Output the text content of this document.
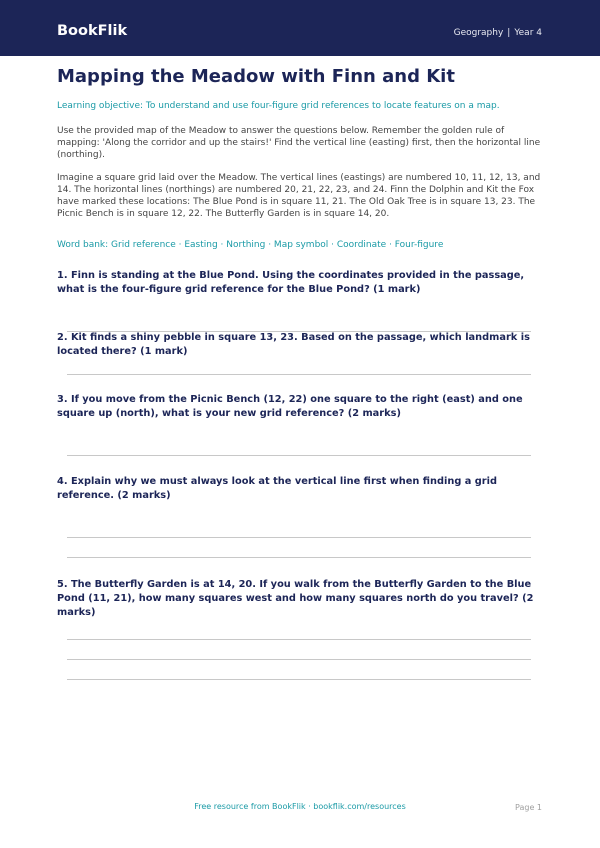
BookFlik	Geography | Year 4
Mapping the Meadow with Finn and Kit
Learning objective: To understand and use four-figure grid references to locate features on a map.

Use the provided map of the Meadow to answer the questions below. Remember the golden rule of mapping: 'Along the corridor and up the stairs!' Find the vertical line (easting) first, then the horizontal line (northing).

Imagine a square grid laid over the Meadow. The vertical lines (eastings) are numbered 10, 11, 12, 13, and 14. The horizontal lines (northings) are numbered 20, 21, 22, 23, and 24. Finn the Dolphin and Kit the Fox have marked these locations: The Blue Pond is in square 11, 21. The Old Oak Tree is in square 13, 23. The Picnic Bench is in square 12, 22. The Butterfly Garden is in square 14, 20.

Word bank: Grid reference · Easting · Northing · Map symbol · Coordinate · Four-figure

1. Finn is standing at the Blue Pond. Using the coordinates provided in the passage, what is the four-figure grid reference for the Blue Pond? (1 mark)

2. Kit finds a shiny pebble in square 13, 23. Based on the passage, which landmark is located there? (1 mark)

3. If you move from the Picnic Bench (12, 22) one square to the right (east) and one square up (north), what is your new grid reference? (2 marks)

4. Explain why we must always look at the vertical line first when finding a grid reference. (2 marks)

5. The Butterfly Garden is at 14, 20. If you walk from the Butterfly Garden to the Blue Pond (11, 21), how many squares west and how many squares north do you travel? (2 marks)

Free resource from BookFlik · bookflik.com/resources	Page 1
